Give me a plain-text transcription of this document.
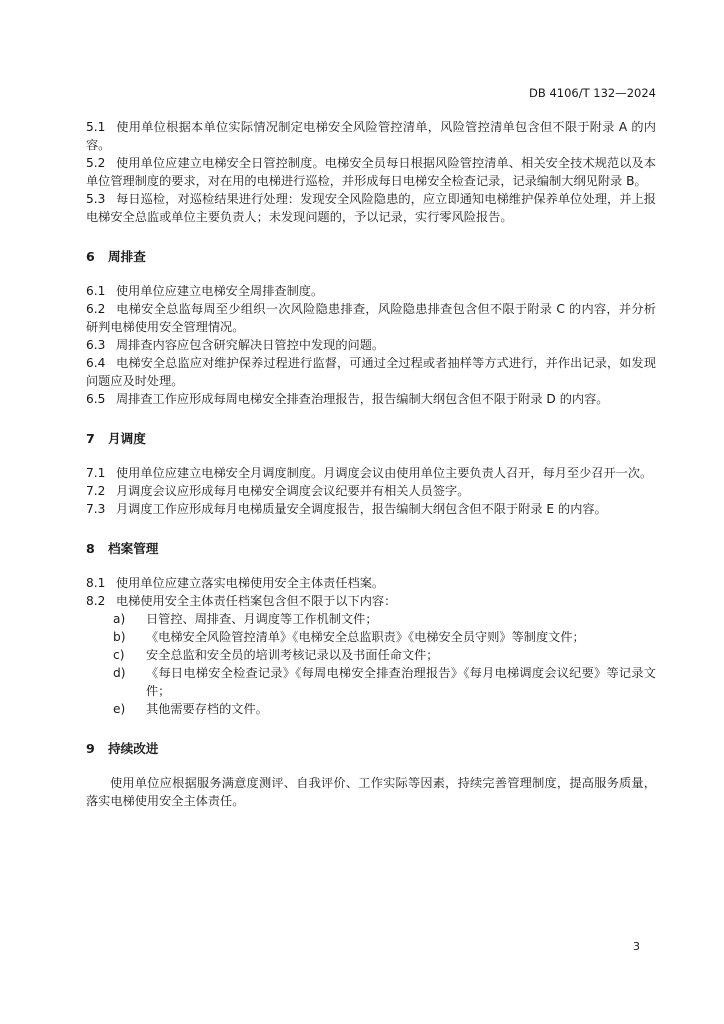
DB 4106/T 132—2024

5.1 使用单位根据本单位实际情况制定电梯安全风险管控清单，风险管控清单包含但不限于附录 A 的内容。

5.2 使用单位应建立电梯安全日管控制度。电梯安全员每日根据风险管控清单、相关安全技术规范以及本单位管理制度的要求，对在用的电梯进行巡检，并形成每日电梯安全检查记录，记录编制大纲见附录 B。

5.3 每日巡检，对巡检结果进行处理：发现安全风险隐患的，应立即通知电梯维护保养单位处理，并上报电梯安全总监或单位主要负责人；未发现问题的，予以记录，实行零风险报告。

6 周排查

6.1 使用单位应建立电梯安全周排查制度。

6.2 电梯安全总监每周至少组织一次风险隐患排查，风险隐患排查包含但不限于附录 C 的内容，并分析研判电梯使用安全管理情况。

6.3 周排查内容应包含研究解决日管控中发现的问题。

6.4 电梯安全总监应对维护保养过程进行监督，可通过全过程或者抽样等方式进行，并作出记录，如发现问题应及时处理。

6.5 周排查工作应形成每周电梯安全排查治理报告，报告编制大纲包含但不限于附录 D 的内容。

7 月调度

7.1 使用单位应建立电梯安全月调度制度。月调度会议由使用单位主要负责人召开，每月至少召开一次。

7.2 月调度会议应形成每月电梯安全调度会议纪要并有相关人员签字。

7.3 月调度工作应形成每月电梯质量安全调度报告，报告编制大纲包含但不限于附录 E 的内容。

8 档案管理

8.1 使用单位应建立落实电梯使用安全主体责任档案。

8.2 电梯使用安全主体责任档案包含但不限于以下内容：

a) 日管控、周排查、月调度等工作机制文件；

b) 《电梯安全风险管控清单》《电梯安全总监职责》《电梯安全员守则》等制度文件；

c) 安全总监和安全员的培训考核记录以及书面任命文件；

d) 《每日电梯安全检查记录》《每周电梯安全排查治理报告》《每月电梯调度会议纪要》等记录文件；

e) 其他需要存档的文件。

9 持续改进

使用单位应根据服务满意度测评、自我评价、工作实际等因素，持续完善管理制度，提高服务质量，落实电梯使用安全主体责任。

3
